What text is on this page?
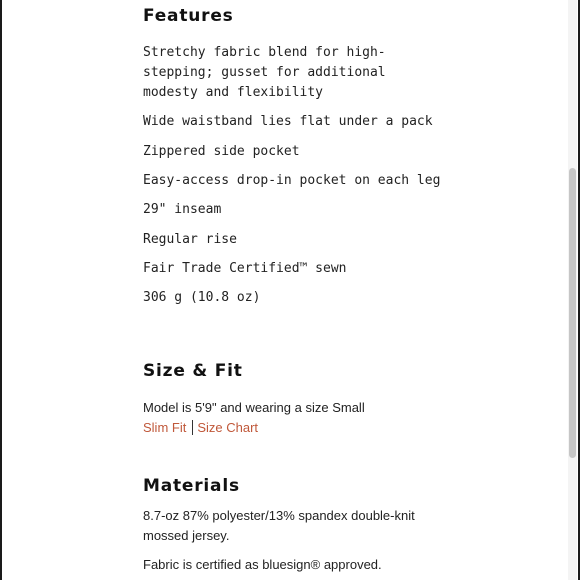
Features

Stretchy fabric blend for high-stepping; gusset for additional modesty and flexibility

Wide waistband lies flat under a pack

Zippered side pocket

Easy-access drop-in pocket on each leg

29" inseam

Regular rise

Fair Trade Certified™ sewn

306 g (10.8 oz)

Size & Fit

Model is 5'9" and wearing a size Small

Slim Fit Size Chart
Materials

8.7-oz 87% polyester/13% spandex double-knit mossed jersey.

Fabric is certified as bluesign® approved.
